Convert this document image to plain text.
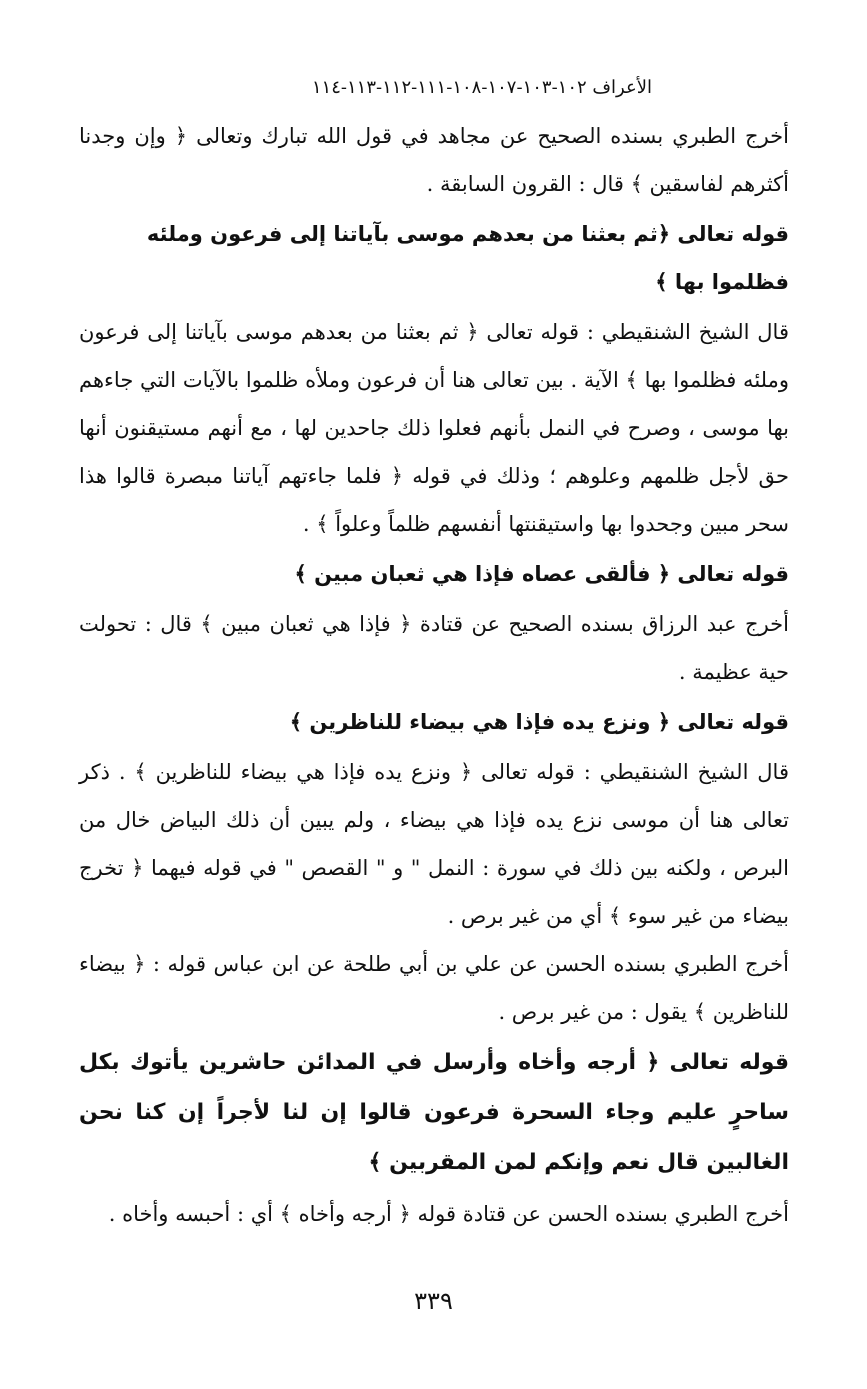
الأعراف ١٠٢-١٠٣-١٠٧-١٠٨-١١١-١١٢-١١٣-١١٤

أخرج الطبري بسنده الصحيح عن مجاهد في قول الله تبارك وتعالى ﴿ وإن وجدنا أكثرهم لفاسقين ﴾ قال : القرون السابقة .

قوله تعالى ﴿ثم بعثنا من بعدهم موسى بآياتنا إلى فرعون وملئه فظلموا بها ﴾

قال الشيخ الشنقيطي : قوله تعالى ﴿ ثم بعثنا من بعدهم موسى بآياتنا إلى فرعون وملئه فظلموا بها ﴾ الآية . بين تعالى هنا أن فرعون وملأه ظلموا بالآيات التي جاءهم بها موسى ، وصرح في النمل بأنهم فعلوا ذلك جاحدين لها ، مع أنهم مستيقنون أنها حق لأجل ظلمهم وعلوهم ؛ وذلك في قوله ﴿ فلما جاءتهم آياتنا مبصرة قالوا هذا سحر مبين وجحدوا بها واستيقنتها أنفسهم ظلماً وعلواً ﴾ .

قوله تعالى ﴿ فألقى عصاه فإذا هي ثعبان مبين ﴾

أخرج عبد الرزاق بسنده الصحيح عن قتادة ﴿ فإذا هي ثعبان مبين ﴾ قال : تحولت حية عظيمة .

قوله تعالى ﴿ ونزع يده فإذا هي بيضاء للناظرين ﴾

قال الشيخ الشنقيطي : قوله تعالى ﴿ ونزع يده فإذا هي بيضاء للناظرين ﴾ . ذكر تعالى هنا أن موسى نزع يده فإذا هي بيضاء ، ولم يبين أن ذلك البياض خال من البرص ، ولكنه بين ذلك في سورة : النمل " و " القصص " في قوله فيهما ﴿ تخرج بيضاء من غير سوء ﴾ أي من غير برص .

أخرج الطبري بسنده الحسن عن علي بن أبي طلحة عن ابن عباس قوله : ﴿ بيضاء للناظرين ﴾ يقول : من غير برص .

قوله تعالى ﴿ أرجه وأخاه وأرسل في المدائن حاشرين يأتوك بكل ساحرٍ عليم وجاء السحرة فرعون قالوا إن لنا لأجراً إن كنا نحن الغالبين قال نعم وإنكم لمن المقربين ﴾

أخرج الطبري بسنده الحسن عن قتادة قوله ﴿ أرجه وأخاه ﴾ أي : أحبسه وأخاه .

٣٣٩
